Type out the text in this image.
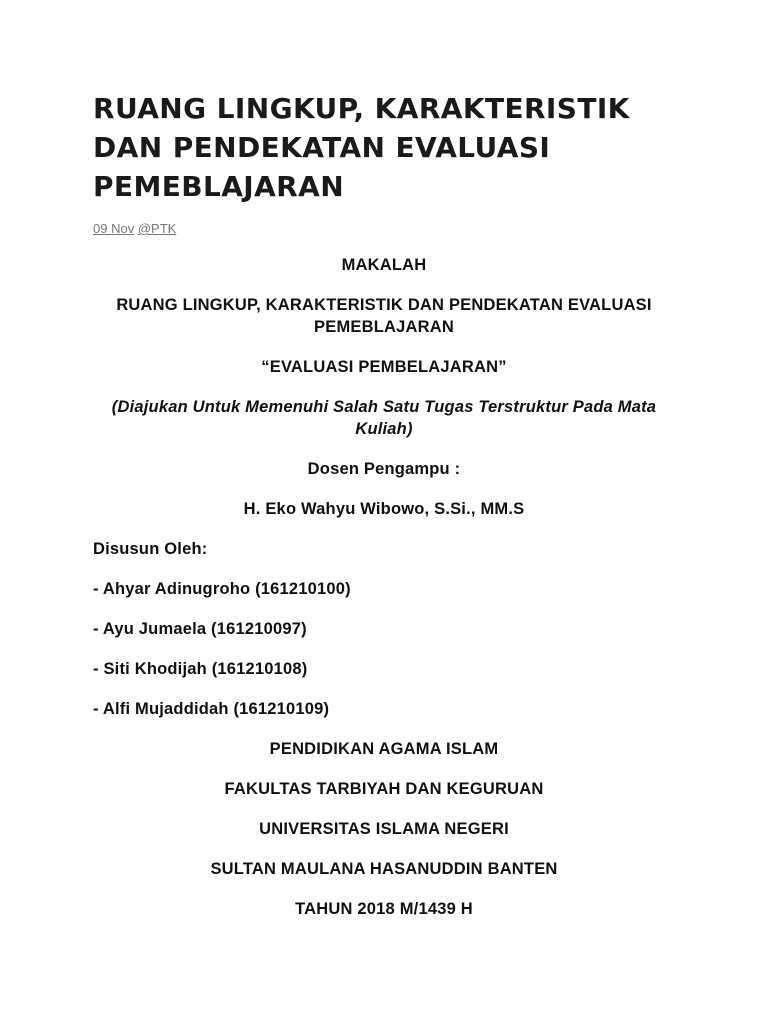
RUANG LINGKUP, KARAKTERISTIK DAN PENDEKATAN EVALUASI PEMEBLAJARAN
09 Nov @PTK

MAKALAH

RUANG LINGKUP, KARAKTERISTIK DAN PENDEKATAN EVALUASI PEMEBLAJARAN

“EVALUASI PEMBELAJARAN”

(Diajukan Untuk Memenuhi Salah Satu Tugas Terstruktur Pada Mata Kuliah)

Dosen Pengampu :

H. Eko Wahyu Wibowo, S.Si., MM.S

Disusun Oleh:

- Ahyar Adinugroho (161210100)

- Ayu Jumaela (161210097)

- Siti Khodijah (161210108)

- Alfi Mujaddidah (161210109)

PENDIDIKAN AGAMA ISLAM

FAKULTAS TARBIYAH DAN KEGURUAN

UNIVERSITAS ISLAMA NEGERI

SULTAN MAULANA HASANUDDIN BANTEN

TAHUN 2018 M/1439 H
